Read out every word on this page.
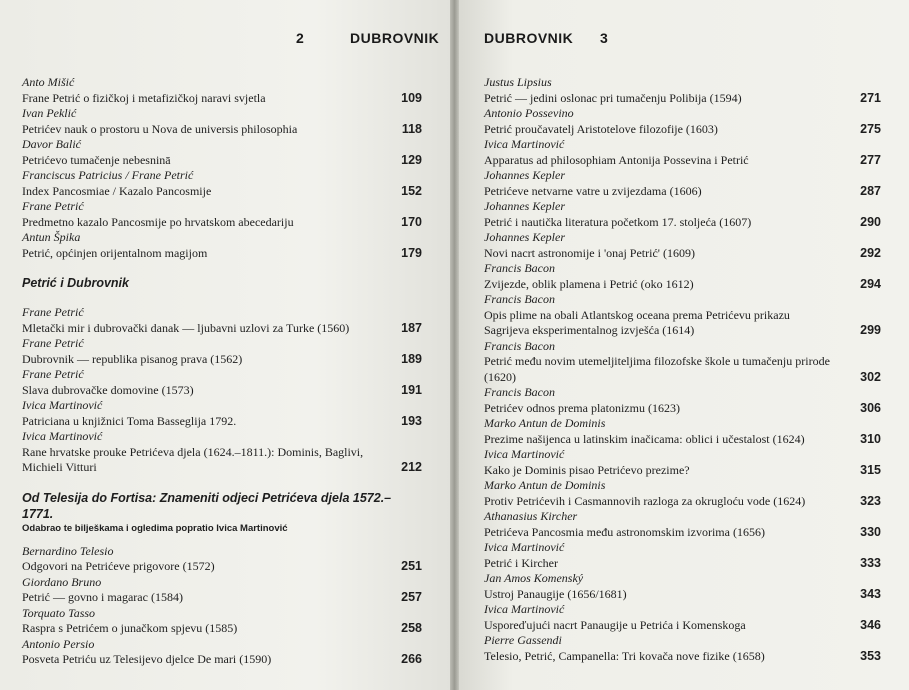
2	DUBROVNIK
Anto Mišić
Frane Petrić o fizičkoj i metafizičkoj naravi svjetla	109
Ivan Peklić
Petrićev nauk o prostoru u Nova de universis philosophia	118
Davor Balić
Petrićevo tumačenje nebesninā	129
Franciscus Patricius / Frane Petrić
Index Pancosmiae / Kazalo Pancosmije	152
Frane Petrić
Predmetno kazalo Pancosmije po hrvatskom abecedariju	170
Antun Špika
Petrić, općinjen orijentalnom magijom	179
Petrić i Dubrovnik
Frane Petrić
Mletački mir i dubrovački danak — ljubavni uzlovi za Turke (1560)	187
Frane Petrić
Dubrovnik — republika pisanog prava (1562)	189
Frane Petrić
Slava dubrovačke domovine (1573)	191
Ivica Martinović
Patriciana u knjižnici Toma Basseglija 1792.	193
Ivica Martinović
Rane hrvatske prouke Petrićeva djela (1624.–1811.): Dominis, Baglivi, Michieli Vitturi	212
Od Telesija do Fortisa: Znameniti odjeci Petrićeva djela 1572.–1771.
Odabrao te bilješkama i ogledima popratio Ivica Martinović
Bernardino Telesio
Odgovori na Petrićeve prigovore (1572)	251
Giordano Bruno
Petrić — govno i magarac (1584)	257
Torquato Tasso
Raspra s Petrićem o junačkom spjevu (1585)	258
Antonio Persio
Posveta Petriću uz Telesijevo djelce De mari (1590)	266
DUBROVNIK 3
Justus Lipsius
Petrić — jedini oslonac pri tumačenju Polibija (1594)	271
Antonio Possevino
Petrić proučavatelj Aristotelove filozofije (1603)	275
Ivica Martinović
Apparatus ad philosophiam Antonija Possevina i Petrić	277
Johannes Kepler
Petrićeve netvarne vatre u zvijezdama (1606)	287
Johannes Kepler
Petrić i nautička literatura početkom 17. stoljeća (1607)	290
Johannes Kepler
Novi nacrt astronomije i 'onaj Petrić' (1609)	292
Francis Bacon
Zvijezde, oblik plamena i Petrić (oko 1612)	294
Francis Bacon
Opis plime na obali Atlantskog oceana prema Petrićevu prikazu Sagrijeva eksperimentalnog izvješća (1614)	299
Francis Bacon
Petrić među novim utemeljiteljima filozofske škole u tumačenju prirode (1620)	302
Francis Bacon
Petrićev odnos prema platonizmu (1623)	306
Marko Antun de Dominis
Prezime našijenca u latinskim inačicama: oblici i učestalost (1624)	310
Ivica Martinović
Kako je Dominis pisao Petrićevo prezime?	315
Marko Antun de Dominis
Protiv Petrićevih i Casmannovih razloga za okrugloću vode (1624)	323
Athanasius Kircher
Petrićeva Pancosmia među astronomskim izvorima (1656)	330
Ivica Martinović
Petrić i Kircher	333
Jan Amos Komenský
Ustroj Panaugije (1656/1681)	343
Ivica Martinović
Usporeďujući nacrt Panaugije u Petrića i Komenskoga	346
Pierre Gassendi
Telesio, Petrić, Campanella: Tri kovača nove fizike (1658)	353
